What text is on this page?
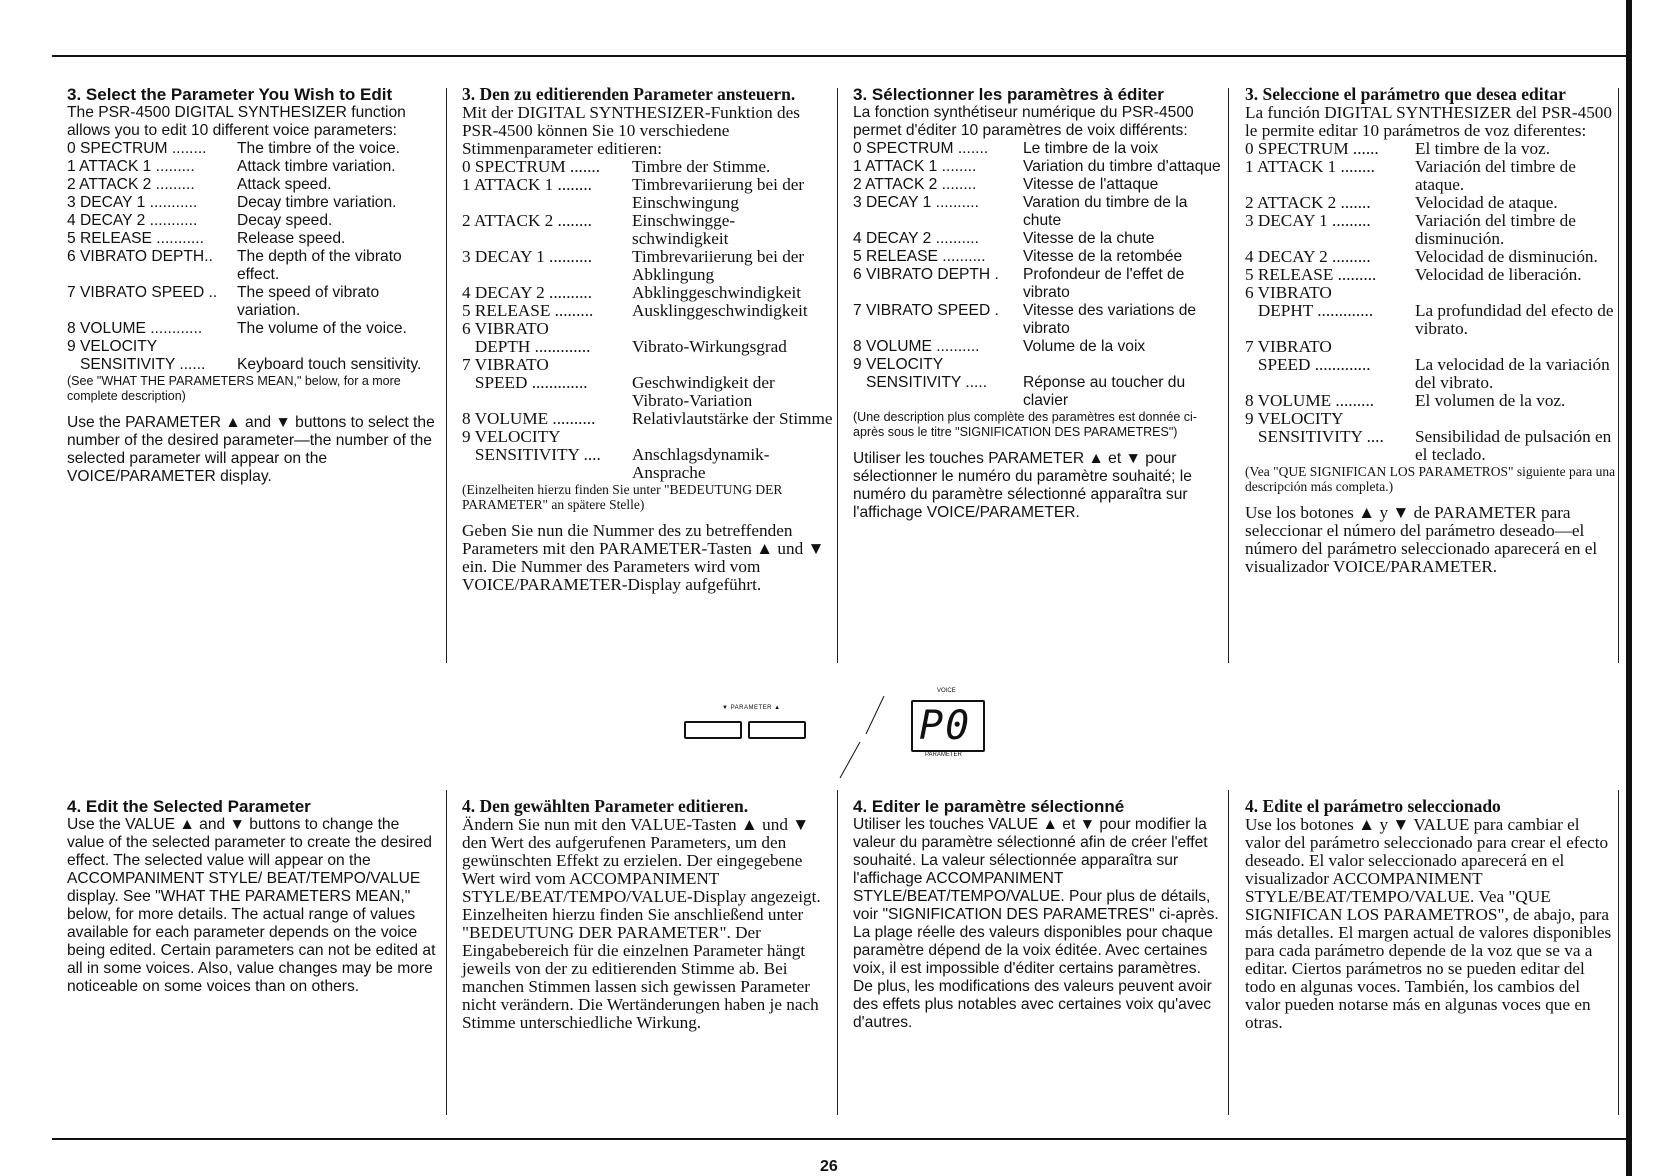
3. Select the Parameter You Wish to Edit

The PSR-4500 DIGITAL SYNTHESIZER function allows you to edit 10 different voice parameters:

0 SPECTRUM ........	The timbre of the voice.
1 ATTACK 1 .........	Attack timbre variation.
2 ATTACK 2 .........	Attack speed.
3 DECAY 1 ...........	Decay timbre variation.
4 DECAY 2 ...........	Decay speed.
5 RELEASE ...........	Release speed.
6 VIBRATO DEPTH..	The depth of the vibrato effect.
7 VIBRATO SPEED ..	The speed of vibrato variation.
8 VOLUME ............	The volume of the voice.
9 VELOCITY
SENSITIVITY ......	Keyboard touch sensitivity.

(See "WHAT THE PARAMETERS MEAN," below, for a more complete description)

Use the PARAMETER ▲ and ▼ buttons to select the number of the desired parameter—the number of the selected parameter will appear on the VOICE/PARAMETER display.

3. Den zu editierenden Parameter ansteuern.

Mit der DIGITAL SYNTHESIZER-Funktion des PSR-4500 können Sie 10 verschiedene Stimmenparameter editieren:

0 SPECTRUM .......	Timbre der Stimme.
1 ATTACK 1 ........	Timbrevariierung bei der Einschwingung
2 ATTACK 2 ........	Einschwingge- schwindigkeit
3 DECAY 1 ..........	Timbrevariierung bei der Abklingung
4 DECAY 2 ..........	Abklinggeschwindigkeit
5 RELEASE .........	Ausklinggeschwindigkeit
6 VIBRATO
DEPTH .............	Vibrato-Wirkungsgrad
7 VIBRATO
SPEED .............	Geschwindigkeit der Vibrato-Variation
8 VOLUME ..........	Relativlautstärke der Stimme
9 VELOCITY
SENSITIVITY ....	Anschlagsdynamik- Ansprache

(Einzelheiten hierzu finden Sie unter "BEDEUTUNG DER PARAMETER" an spätere Stelle)

Geben Sie nun die Nummer des zu betreffenden Parameters mit den PARAMETER-Tasten ▲ und ▼ ein. Die Nummer des Parameters wird vom VOICE/PARAMETER-Display aufgeführt.

3. Sélectionner les paramètres à éditer

La fonction synthétiseur numérique du PSR-4500 permet d'éditer 10 paramètres de voix différents:

0 SPECTRUM .......	Le timbre de la voix
1 ATTACK 1 ........	Variation du timbre d'attaque
2 ATTACK 2 ........	Vitesse de l'attaque
3 DECAY 1 ..........	Varation du timbre de la chute
4 DECAY 2 ..........	Vitesse de la chute
5 RELEASE ..........	Vitesse de la retombée
6 VIBRATO DEPTH .	Profondeur de l'effet de vibrato
7 VIBRATO SPEED .	Vitesse des variations de vibrato
8 VOLUME ..........	Volume de la voix
9 VELOCITY
SENSITIVITY .....	Réponse au toucher du clavier

(Une description plus complète des paramètres est donnée ci-après sous le titre "SIGNIFICATION DES PARAMETRES")

Utiliser les touches PARAMETER ▲ et ▼ pour sélectionner le numéro du paramètre souhaité; le numéro du paramètre sélectionné apparaîtra sur l'affichage VOICE/PARAMETER.

3. Seleccione el parámetro que desea editar

La función DIGITAL SYNTHESIZER del PSR-4500 le permite editar 10 parámetros de voz diferentes:

0 SPECTRUM ......	El timbre de la voz.
1 ATTACK 1 ........	Variación del timbre de ataque.
2 ATTACK 2 .......	Velocidad de ataque.
3 DECAY 1 .........	Variación del timbre de disminución.
4 DECAY 2 .........	Velocidad de disminución.
5 RELEASE .........	Velocidad de liberación.
6 VIBRATO
DEPHT .............	La profundidad del efecto de vibrato.
7 VIBRATO
SPEED .............	La velocidad de la variación del vibrato.
8 VOLUME .........	El volumen de la voz.
9 VELOCITY
SENSITIVITY ....	Sensibilidad de pulsación en el teclado.

(Vea "QUE SIGNIFICAN LOS PARAMETROS" siguiente para una descripción más completa.)

Use los botones ▲ y ▼ de PARAMETER para seleccionar el número del parámetro deseado—el número del parámetro seleccionado aparecerá en el visualizador VOICE/PARAMETER.

▼ PARAMETER ▲
VOICE
P0
PARAMETER
4. Edit the Selected Parameter

Use the VALUE ▲ and ▼ buttons to change the value of the selected parameter to create the desired effect. The selected value will appear on the ACCOMPANIMENT STYLE/ BEAT/TEMPO/VALUE display. See "WHAT THE PARAMETERS MEAN," below, for more details. The actual range of values available for each parameter depends on the voice being edited. Certain parameters can not be edited at all in some voices. Also, value changes may be more noticeable on some voices than on others.

4. Den gewählten Parameter editieren.

Ändern Sie nun mit den VALUE-Tasten ▲ und ▼ den Wert des aufgerufenen Parameters, um den gewünschten Effekt zu erzielen. Der eingegebene Wert wird vom ACCOMPANIMENT STYLE/BEAT/TEMPO/VALUE-Display angezeigt. Einzelheiten hierzu finden Sie anschließend unter "BEDEUTUNG DER PARAMETER". Der Eingabebereich für die einzelnen Parameter hängt jeweils von der zu editierenden Stimme ab. Bei manchen Stimmen lassen sich gewissen Parameter nicht verändern. Die Wertänderungen haben je nach Stimme unterschiedliche Wirkung.

4. Editer le paramètre sélectionné

Utiliser les touches VALUE ▲ et ▼ pour modifier la valeur du paramètre sélectionné afin de créer l'effet souhaité. La valeur sélectionnée apparaîtra sur l'affichage ACCOMPANIMENT STYLE/BEAT/TEMPO/VALUE. Pour plus de détails, voir "SIGNIFICATION DES PARAMETRES" ci-après. La plage réelle des valeurs disponibles pour chaque paramètre dépend de la voix éditée. Avec certaines voix, il est impossible d'éditer certains paramètres. De plus, les modifications des valeurs peuvent avoir des effets plus notables avec certaines voix qu'avec d'autres.

4. Edite el parámetro seleccionado

Use los botones ▲ y ▼ VALUE para cambiar el valor del parámetro seleccionado para crear el efecto deseado. El valor seleccionado aparecerá en el visualizador ACCOMPANIMENT STYLE/BEAT/TEMPO/VALUE. Vea "QUE SIGNIFICAN LOS PARAMETROS", de abajo, para más detalles. El margen actual de valores disponibles para cada parámetro depende de la voz que se va a editar. Ciertos parámetros no se pueden editar del todo en algunas voces. También, los cambios del valor pueden notarse más en algunas voces que en otras.

26
